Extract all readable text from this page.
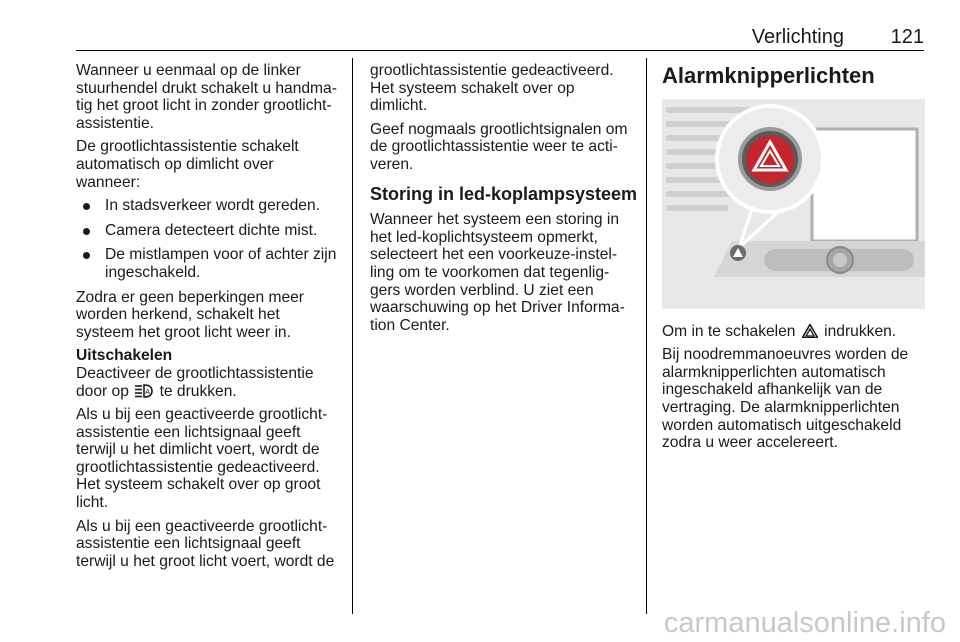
Verlichting 121

Wanneer u eenmaal op de linker
stuurhendel drukt schakelt u handma-
tig het groot licht in zonder grootlicht-
assistentie.

De grootlichtassistentie schakelt
automatisch op dimlicht over
wanneer:

In stadsverkeer wordt gereden.
Camera detecteert dichte mist.
De mistlampen voor of achter zijn
ingeschakeld.

Zodra er geen beperkingen meer
worden herkend, schakelt het
systeem het groot licht weer in.

Uitschakelen

Deactiveer de grootlichtassistentie
door op A te drukken.

Als u bij een geactiveerde grootlicht-
assistentie een lichtsignaal geeft
terwijl u het dimlicht voert, wordt de
grootlichtassistentie gedeactiveerd.
Het systeem schakelt over op groot
licht.

Als u bij een geactiveerde grootlicht-
assistentie een lichtsignaal geeft
terwijl u het groot licht voert, wordt de

grootlichtassistentie gedeactiveerd.
Het systeem schakelt over op
dimlicht.

Geef nogmaals grootlichtsignalen om
de grootlichtassistentie weer te acti-
veren.

Storing in led-koplampsysteem

Wanneer het systeem een storing in
het led-koplichtsysteem opmerkt,
selecteert het een voorkeuze-instel-
ling om te voorkomen dat tegenlig-
gers worden verblind. U ziet een
waarschuwing op het Driver Informa-
tion Center.

Alarmknipperlichten

Om in te schakelen indrukken.

Bij noodremmanoeuvres worden de
alarmknipperlichten automatisch
ingeschakeld afhankelijk van de
vertraging. De alarmknipperlichten
worden automatisch uitgeschakeld
zodra u weer accelereert.

carmanualsonline.info
